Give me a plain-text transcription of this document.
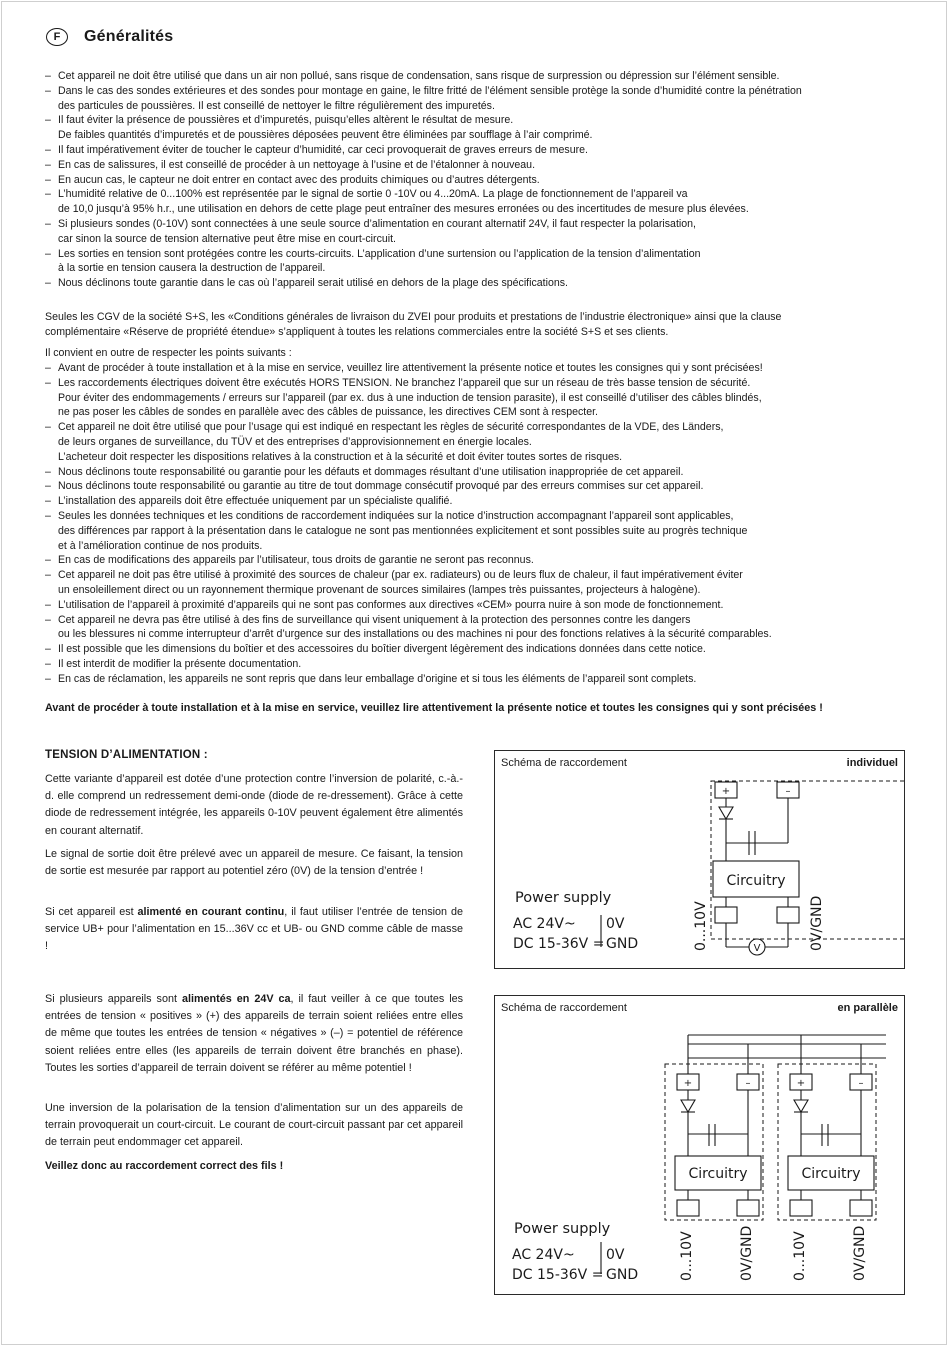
F	Généralités
– Cet appareil ne doit être utilisé que dans un air non pollué, sans risque de condensation, sans risque de surpression ou dépression sur l’élément sensible.
– Dans le cas des sondes extérieures et des sondes pour montage en gaine, le filtre fritté de l’élément sensible protège la sonde d’humidité contre la pénétration
des particules de poussières. Il est conseillé de nettoyer le filtre régulièrement des impuretés.
– Il faut éviter la présence de poussières et d’impuretés, puisqu’elles altèrent le résultat de mesure.
De faibles quantités d’impuretés et de poussières déposées peuvent être éliminées par soufflage à l’air comprimé.
– Il faut impérativement éviter de toucher le capteur d’humidité, car ceci provoquerait de graves erreurs de mesure.
– En cas de salissures, il est conseillé de procéder à un nettoyage à l’usine et de l’étalonner à nouveau.
– En aucun cas, le capteur ne doit entrer en contact avec des produits chimiques ou d’autres détergents.
– L’humidité relative de 0...100% est représentée par le signal de sortie 0 -10V ou 4...20mA. La plage de fonctionnement de l’appareil va
de 10,0 jusqu’à 95% h.r., une utilisation en dehors de cette plage peut entraîner des mesures erronées ou des incertitudes de mesure plus élevées.
– Si plusieurs sondes (0-10V) sont connectées à une seule source d’alimentation en courant alternatif 24V, il faut respecter la polarisation,
car sinon la source de tension alternative peut être mise en court-circuit.
– Les sorties en tension sont protégées contre les courts-circuits. L’application d’une surtension ou l’application de la tension d’alimentation
à la sortie en tension causera la destruction de l’appareil.
– Nous déclinons toute garantie dans le cas où l’appareil serait utilisé en dehors de la plage des spécifications.

Seules les CGV de la société S+S, les «Conditions générales de livraison du ZVEI pour produits et prestations de l’industrie électronique» ainsi que la clause
complémentaire «Réserve de propriété étendue» s’appliquent à toutes les relations commerciales entre la société S+S et ses clients.

Il convient en outre de respecter les points suivants :

– Avant de procéder à toute installation et à la mise en service, veuillez lire attentivement la présente notice et toutes les consignes qui y sont précisées!
– Les raccordements électriques doivent être exécutés HORS TENSION. Ne branchez l’appareil que sur un réseau de très basse tension de sécurité.
Pour éviter des endommagements / erreurs sur l’appareil (par ex. dus à une induction de tension parasite), il est conseillé d’utiliser des câbles blindés,
ne pas poser les câbles de sondes en parallèle avec des câbles de puissance, les directives CEM sont à respecter.
– Cet appareil ne doit être utilisé que pour l’usage qui est indiqué en respectant les règles de sécurité correspondantes de la VDE, des Länders,
de leurs organes de surveillance, du TÜV et des entreprises d’approvisionnement en énergie locales.
L’acheteur doit respecter les dispositions relatives à la construction et à la sécurité et doit éviter toutes sortes de risques.
– Nous déclinons toute responsabilité ou garantie pour les défauts et dommages résultant d’une utilisation inappropriée de cet appareil.
– Nous déclinons toute responsabilité ou garantie au titre de tout dommage consécutif provoqué par des erreurs commises sur cet appareil.
– L’installation des appareils doit être effectuée uniquement par un spécialiste qualifié.
– Seules les données techniques et les conditions de raccordement indiquées sur la notice d’instruction accompagnant l’appareil sont applicables,
des différences par rapport à la présentation dans le catalogue ne sont pas mentionnées explicitement et sont possibles suite au progrès technique
et à l’amélioration continue de nos produits.
– En cas de modifications des appareils par l’utilisateur, tous droits de garantie ne seront pas reconnus.
– Cet appareil ne doit pas être utilisé à proximité des sources de chaleur (par ex. radiateurs) ou de leurs flux de chaleur, il faut impérativement éviter
un ensoleillement direct ou un rayonnement thermique provenant de sources similaires (lampes très puissantes, projecteurs à halogène).
– L’utilisation de l’appareil à proximité d’appareils qui ne sont pas conformes aux directives «CEM» pourra nuire à son mode de fonctionnement.
– Cet appareil ne devra pas être utilisé à des fins de surveillance qui visent uniquement à la protection des personnes contre les dangers
ou les blessures ni comme interrupteur d’arrêt d’urgence sur des installations ou des machines ni pour des fonctions relatives à la sécurité comparables.
– Il est possible que les dimensions du boîtier et des accessoires du boîtier divergent légèrement des indications données dans cette notice.
– Il est interdit de modifier la présente documentation.
– En cas de réclamation, les appareils ne sont repris que dans leur emballage d’origine et si tous les éléments de l’appareil sont complets.

Avant de procéder à toute installation et à la mise en service, veuillez lire attentivement la présente notice et toutes les consignes qui y sont précisées !

TENSION D’ALIMENTATION :

Cette variante d’appareil est dotée d’une protection contre l’inversion de polarité, c.-à.-d. elle comprend un redressement demi-onde (diode de re-dressement). Grâce à cette diode de redressement intégrée, les appareils 0-10V peuvent également être alimentés en courant alternatif.

Le signal de sortie doit être prélevé avec un appareil de mesure. Ce faisant, la tension de sortie est mesurée par rapport au potentiel zéro (0V) de la tension d’entrée !

Si cet appareil est alimenté en courant continu, il faut utiliser l’entrée de tension de service UB+ pour l’alimentation en 15...36V cc et UB- ou GND comme câble de masse !

Si plusieurs appareils sont alimentés en 24V ca, il faut veiller à ce que toutes les entrées de tension « positives » (+) des appareils de terrain soient reliées entre elles de même que toutes les entrées de tension « négatives » (–) = potentiel de référence soient reliées entre elles (les appareils de terrain doivent être branchés en phase). Toutes les sorties d’appareil de terrain doivent se référer au même potentiel !

Une inversion de la polarisation de la tension d’alimentation sur un des appareils de terrain provoquerait un court-circuit. Le courant de court-circuit passant par cet appareil de terrain peut endommager cet appareil.

Veillez donc au raccordement correct des fils !

Schéma de raccordement	individuel
V
+	–
Circuitry
Power supply
AC 24V~
DC 15-36V =
0V
GND	0...10V	0V/GND
Schéma de raccordement	en parallèle
+	–	+	–
Circuitry	Circuitry
Power supply
AC 24V~
DC 15-36V =
0V
GND	0...10V	0V/GND	0...10V	0V/GND
